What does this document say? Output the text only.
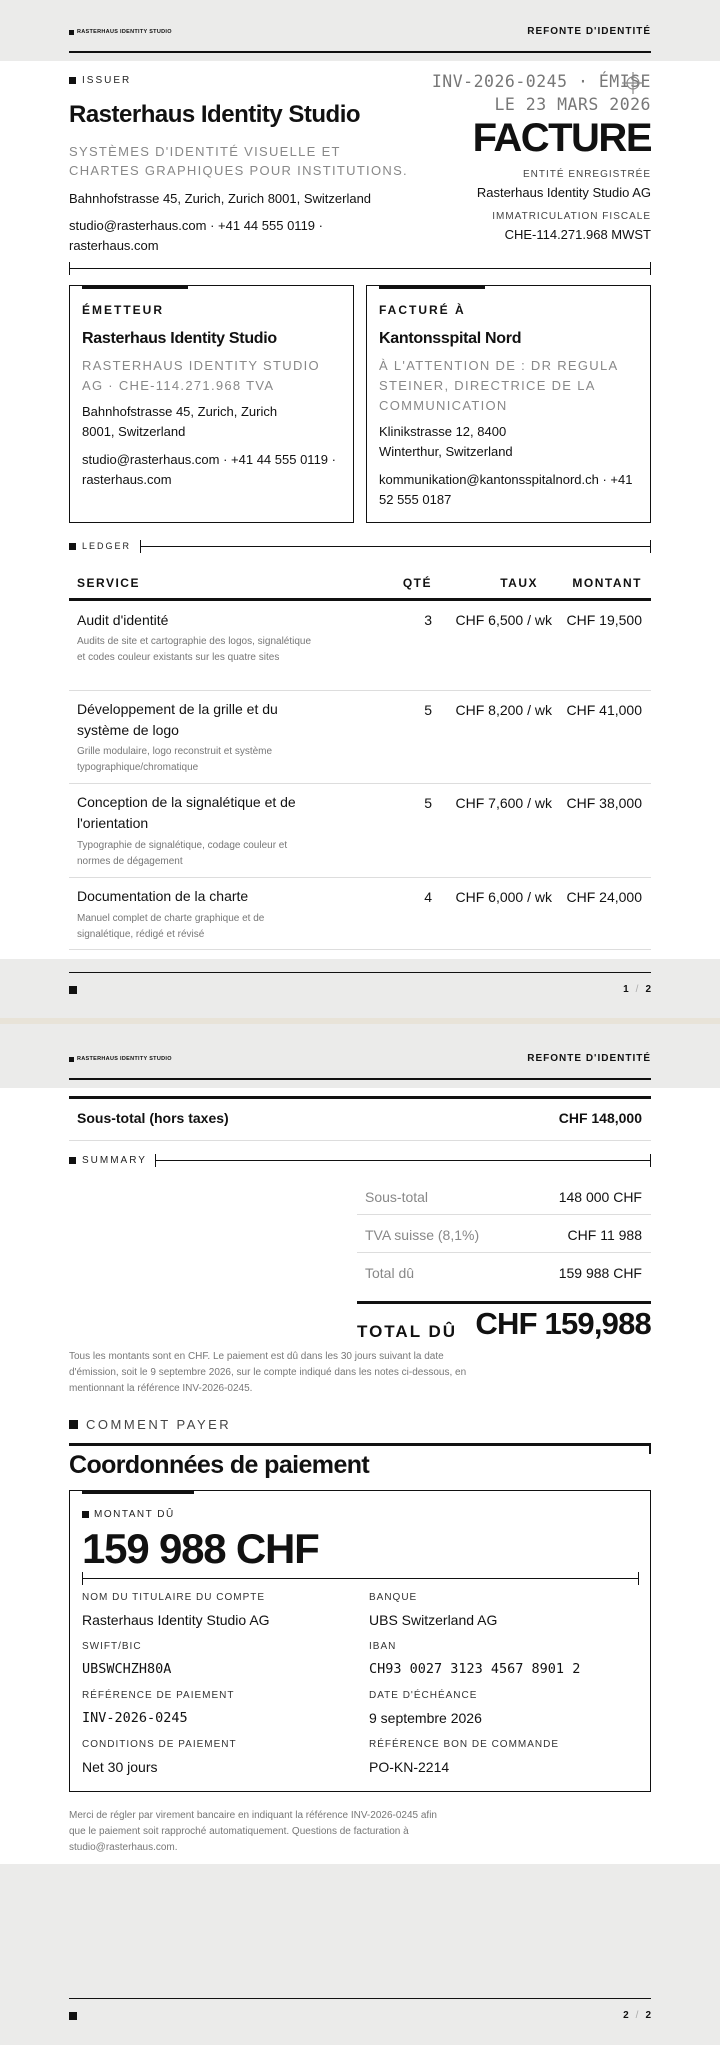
RASTERHAUS IDENTITY STUDIO	REFONTE D'IDENTITÉ
ISSUER
Rasterhaus Identity Studio
SYSTÈMES D'IDENTITÉ VISUELLE ET CHARTES GRAPHIQUES POUR INSTITUTIONS.
Bahnhofstrasse 45, Zurich, Zurich 8001, Switzerland
studio@rasterhaus.com · +41 44 555 0119 · rasterhaus.com
INV-2026-0245 · ÉMISE LE 23 MARS 2026
FACTURE
ENTITÉ ENREGISTRÉE
Rasterhaus Identity Studio AG
IMMATRICULATION FISCALE
CHE-114.271.968 MWST
ÉMETTEUR
Rasterhaus Identity Studio
RASTERHAUS IDENTITY STUDIO AG · CHE-114.271.968 TVA
Bahnhofstrasse 45, Zurich, Zurich 8001, Switzerland
studio@rasterhaus.com · +41 44 555 0119 · rasterhaus.com
FACTURÉ À
Kantonsspital Nord
À L'ATTENTION DE : DR REGULA STEINER, DIRECTRICE DE LA COMMUNICATION
Klinikstrasse 12, 8400 Winterthur, Switzerland
kommunikation@kantonsspitalnord.ch · +41 52 555 0187
LEDGER
SERVICE	QTÉ	TAUX	MONTANT
Audit d'identité
Audits de site et cartographie des logos, signalétique et codes couleur existants sur les quatre sites
3 CHF 6,500 / wk CHF 19,500
Développement de la grille et du système de logo
Grille modulaire, logo reconstruit et système typographique/chromatique
5 CHF 8,200 / wk CHF 41,000
Conception de la signalétique et de l'orientation
Typographie de signalétique, codage couleur et normes de dégagement
5 CHF 7,600 / wk CHF 38,000
Documentation de la charte
Manuel complet de charte graphique et de signalétique, rédigé et révisé
4 CHF 6,000 / wk CHF 24,000
1 / 2
RASTERHAUS IDENTITY STUDIO	REFONTE D'IDENTITÉ
Sous-total (hors taxes)	CHF 148,000
SUMMARY
Sous-total	148 000 CHF
TVA suisse (8,1%)	CHF 11 988
Total dû	159 988 CHF
TOTAL DÛ CHF 159,988
Tous les montants sont en CHF. Le paiement est dû dans les 30 jours suivant la date d'émission, soit le 9 septembre 2026, sur le compte indiqué dans les notes ci-dessous, en mentionnant la référence INV-2026-0245.
COMMENT PAYER
Coordonnées de paiement
MONTANT DÛ
159 988 CHF
NOM DU TITULAIRE DU COMPTE
Rasterhaus Identity Studio AG
BANQUE
UBS Switzerland AG
SWIFT/BIC
UBSWCHZH80A
IBAN
CH93 0027 3123 4567 8901 2
RÉFÉRENCE DE PAIEMENT
INV-2026-0245
DATE D'ÉCHÉANCE
9 septembre 2026
CONDITIONS DE PAIEMENT
Net 30 jours
RÉFÉRENCE BON DE COMMANDE
PO-KN-2214
Merci de régler par virement bancaire en indiquant la référence INV-2026-0245 afin que le paiement soit rapproché automatiquement. Questions de facturation à studio@rasterhaus.com.
2 / 2
